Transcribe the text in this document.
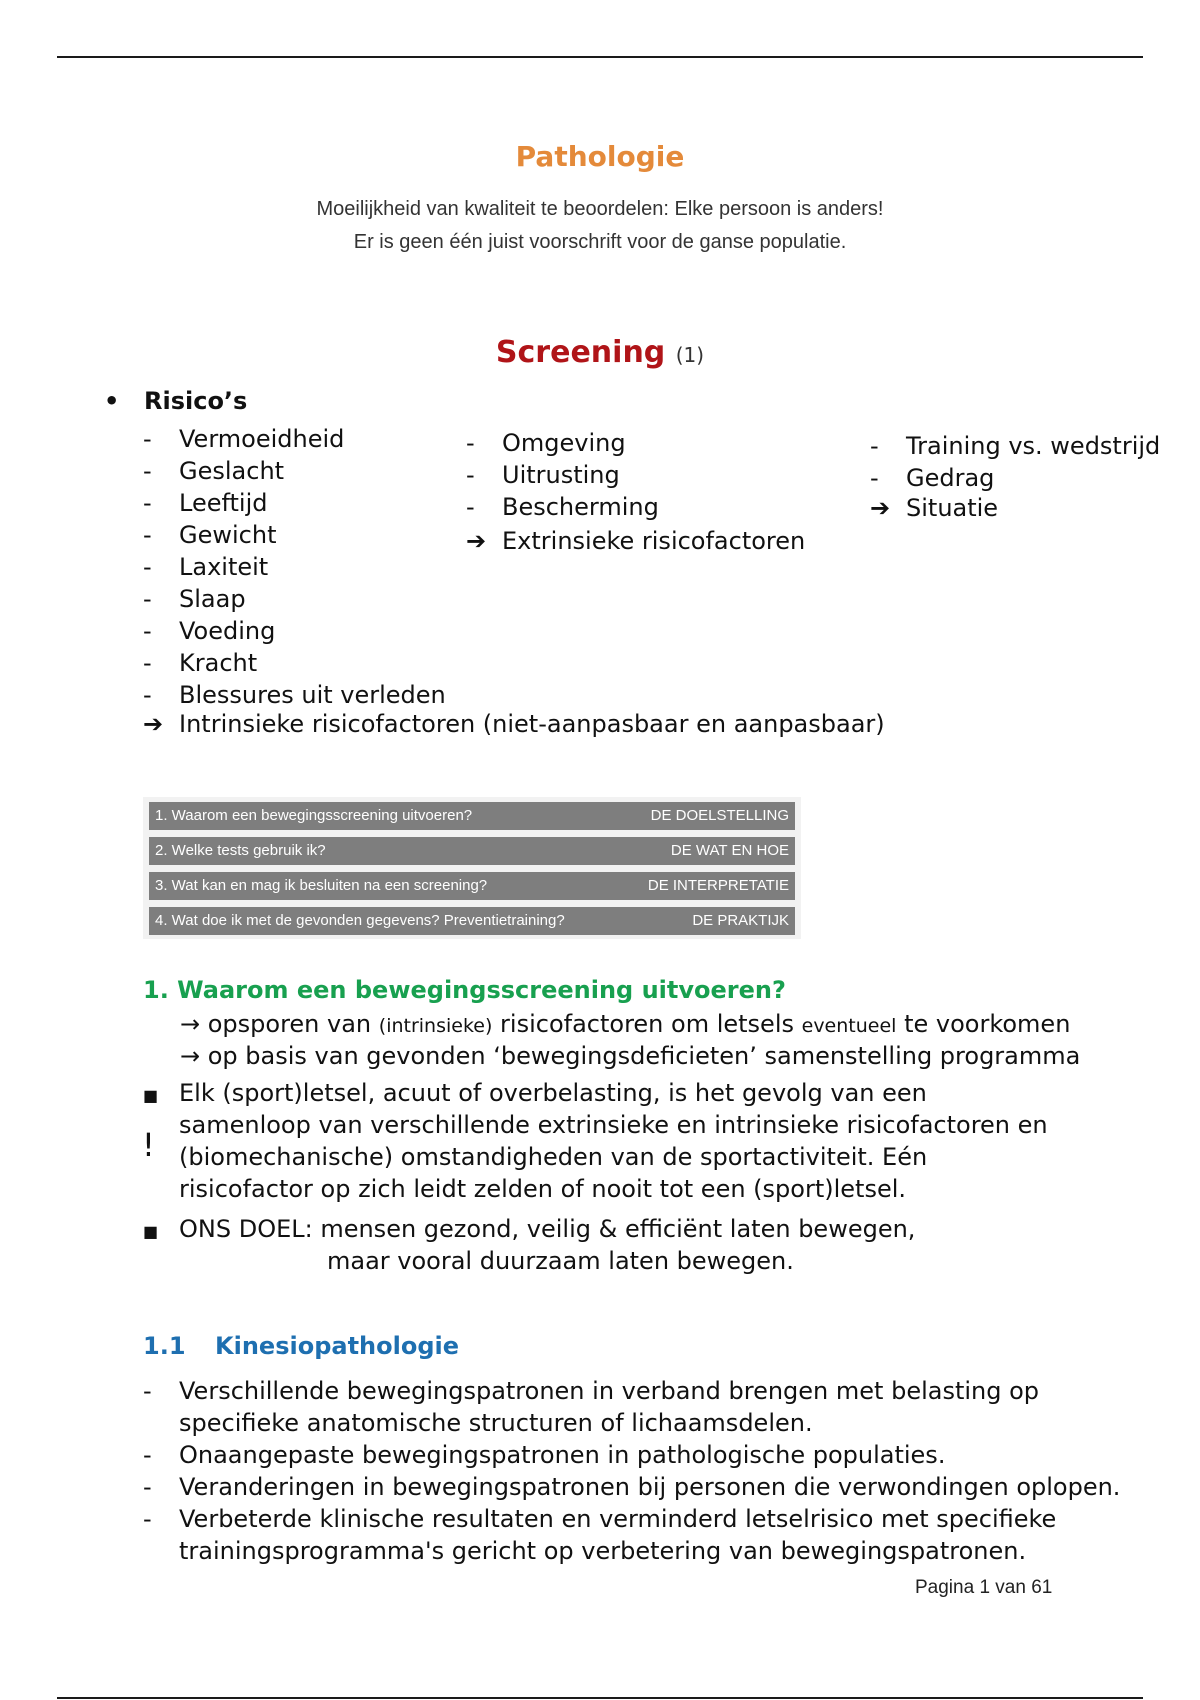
Pathologie
Moeilijkheid van kwaliteit te beoordelen: Elke persoon is anders!
Er is geen één juist voorschrift voor de ganse populatie.
Screening (1)
• Risico’s
-	Vermoeidheid
-	Geslacht
-	Leeftijd
-	Gewicht
-	Laxiteit
-	Slaap
-	Voeding
-	Kracht
-	Blessures uit verleden
➔ Intrinsieke risicofactoren (niet-aanpasbaar en aanpasbaar)
-	Omgeving
-	Uitrusting
-	Bescherming
➔ Extrinsieke risicofactoren
-	Training vs. wedstrijd
-	Gedrag
➔ Situatie
1. Waarom een bewegingsscreening uitvoeren?	DE DOELSTELLING
2. Welke tests gebruik ik?	DE WAT EN HOE
3. Wat kan en mag ik besluiten na een screening?	DE INTERPRETATIE
4. Wat doe ik met de gevonden gegevens? Preventietraining?	DE PRAKTIJK
1. Waarom een bewegingsscreening uitvoeren?
→ opsporen van (intrinsieke) risicofactoren om letsels eventueel te voorkomen
→ op basis van gevonden ‘bewegingsdeficieten’ samenstelling programma
■
!
Elk (sport)letsel, acuut of overbelasting, is het gevolg van een
samenloop van verschillende extrinsieke en intrinsieke risicofactoren en
(biomechanische) omstandigheden van de sportactiviteit. Eén
risicofactor op zich leidt zelden of nooit tot een (sport)letsel.
■ ONS DOEL: mensen gezond, veilig & efficiënt laten bewegen,
maar vooral duurzaam laten bewegen.
1.1 Kinesiopathologie
-	Verschillende bewegingspatronen in verband brengen met belasting op
specifieke anatomische structuren of lichaamsdelen.
-	Onaangepaste bewegingspatronen in pathologische populaties.
-	Veranderingen in bewegingspatronen bij personen die verwondingen oplopen.
-	Verbeterde klinische resultaten en verminderd letselrisico met specifieke
trainingsprogramma's gericht op verbetering van bewegingspatronen.
Pagina 1 van 61
